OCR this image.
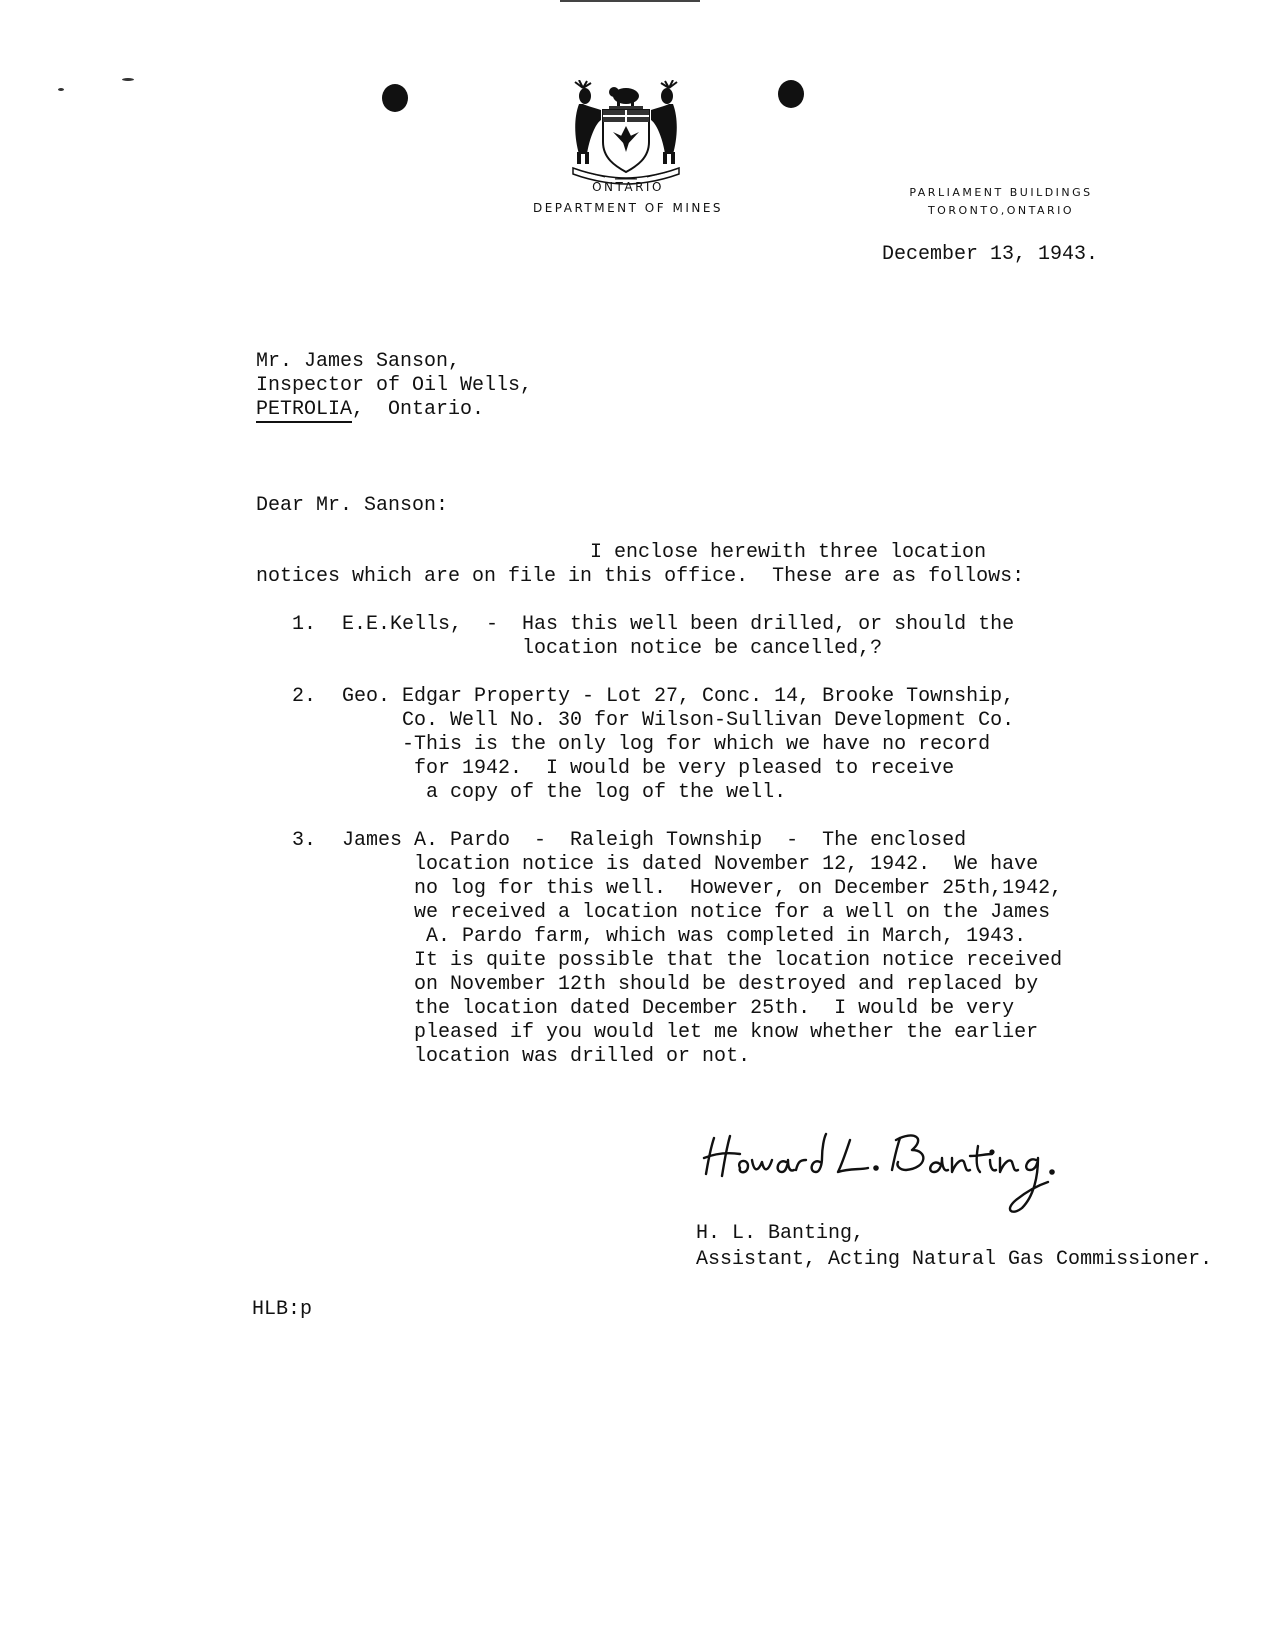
ONTARIO
DEPARTMENT OF MINES
PARLIAMENT BUILDINGS
TORONTO,ONTARIO
December 13, 1943.
Mr. James Sanson,
Inspector of Oil Wells,
PETROLIA,  Ontario.
Dear Mr. Sanson:
I enclose herewith three location
notices which are on file in this office.  These are as follows:
1. E.E.Kells,  -  Has this well been drilled, or should the
location notice be cancelled,?
2. Geo. Edgar Property - Lot 27, Conc. 14, Brooke Township,
Co. Well No. 30 for Wilson-Sullivan Development Co.
-This is the only log for which we have no record
for 1942.  I would be very pleased to receive
a copy of the log of the well.
3. James A. Pardo  -  Raleigh Township  -  The enclosed
location notice is dated November 12, 1942.  We have
no log for this well.  However, on December 25th,1942,
we received a location notice for a well on the James
A. Pardo farm, which was completed in March, 1943.
It is quite possible that the location notice received
on November 12th should be destroyed and replaced by
the location dated December 25th.  I would be very
pleased if you would let me know whether the earlier
location was drilled or not.
H. L. Banting,
Assistant, Acting Natural Gas Commissioner.
HLB:p
